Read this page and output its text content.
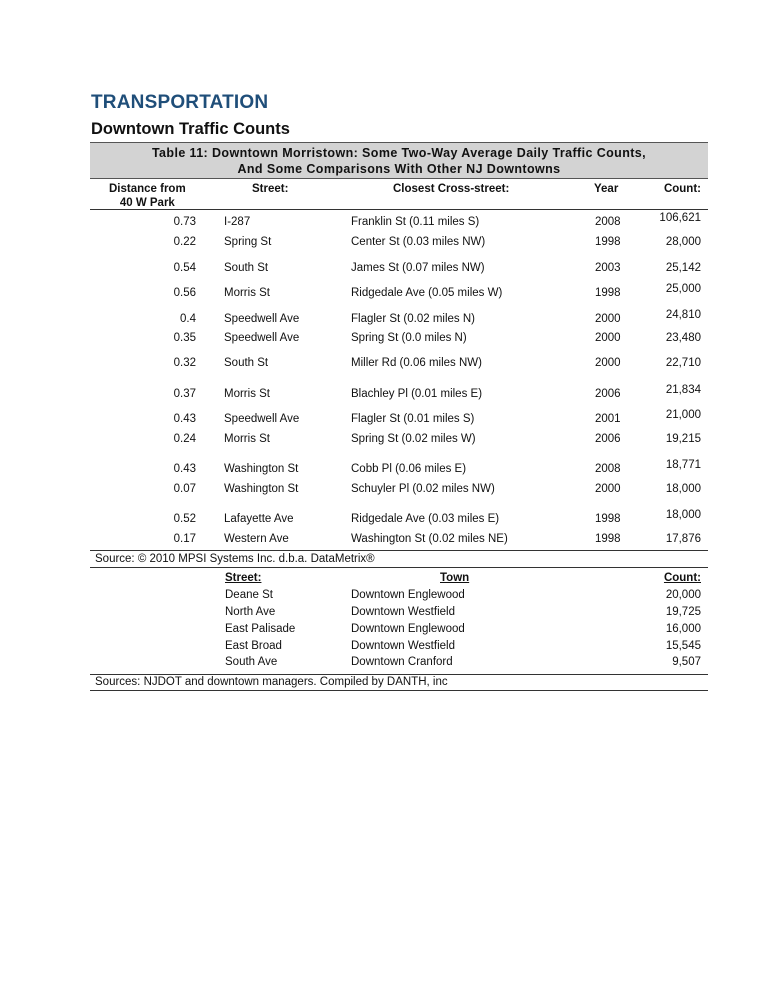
TRANSPORTATION
Downtown Traffic Counts
Table 11: Downtown Morristown: Some Two-Way Average Daily Traffic Counts,
And Some Comparisons With Other NJ Downtowns
Distance from
40 W Park
Street:	Closest Cross-street:	Year	Count:
0.73 I-287	Franklin St (0.11 miles S)	2008	106,621
0.22 Spring St	Center St (0.03 miles NW)	1998	28,000
0.54 South St	James St (0.07 miles NW)	2003	25,142
0.56 Morris St	Ridgedale Ave (0.05 miles W)	1998	25,000
0.4 Speedwell Ave	Flagler St (0.02 miles N)	2000	24,810
0.35 Speedwell Ave	Spring St (0.0 miles N)	2000	23,480
0.32 South St	Miller Rd (0.06 miles NW)	2000	22,710
0.37 Morris St	Blachley Pl (0.01 miles E)	2006	21,834
0.43 Speedwell Ave	Flagler St (0.01 miles S)	2001	21,000
0.24 Morris St	Spring St (0.02 miles W)	2006	19,215
0.43 Washington St	Cobb Pl (0.06 miles E)	2008	18,771
0.07 Washington St	Schuyler Pl (0.02 miles NW)	2000	18,000
0.52 Lafayette Ave	Ridgedale Ave (0.03 miles E)	1998	18,000
0.17 Western Ave	Washington St (0.02 miles NE)	1998	17,876
Source: © 2010 MPSI Systems Inc. d.b.a. DataMetrix®
Street:	Town	Count:
Deane St	Downtown Englewood	20,000
North Ave	Downtown Westfield	19,725
East Palisade	Downtown Englewood	16,000
East Broad	Downtown Westfield	15,545
South Ave	Downtown Cranford	9,507
Sources: NJDOT and downtown managers. Compiled by DANTH, inc
